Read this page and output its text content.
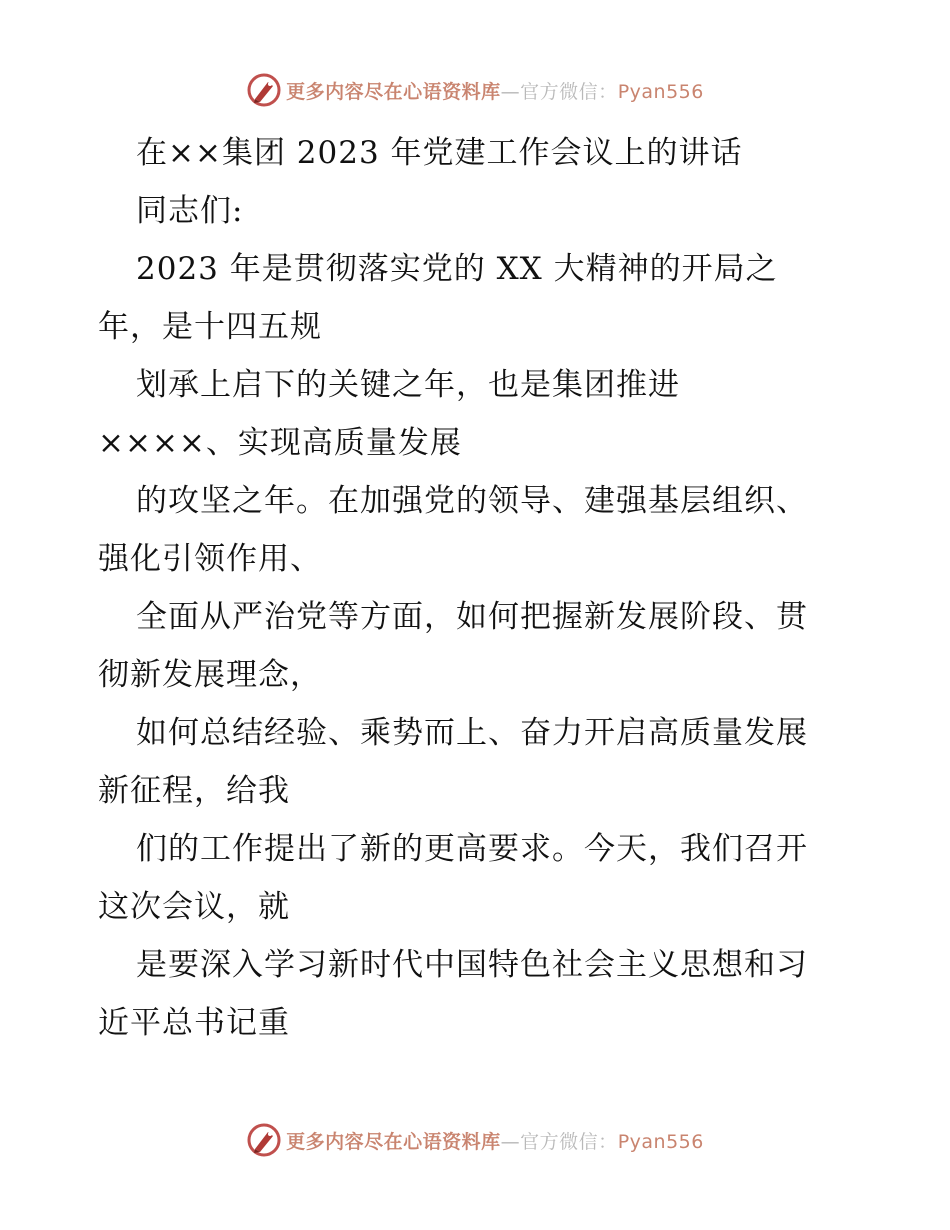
更多内容尽在心语资料库—官方微信：Pyan556
在××集团 2023 年党建工作会议上的讲话
同志们:
2023 年是贯彻落实党的 XX 大精神的开局之
年，是十四五规
划承上启下的关键之年，也是集团推进
××××、实现高质量发展
的攻坚之年。在加强党的领导、建强基层组织、
强化引领作用、
全面从严治党等方面，如何把握新发展阶段、贯
彻新发展理念，
如何总结经验、乘势而上、奋力开启高质量发展
新征程，给我
们的工作提出了新的更高要求。今天，我们召开
这次会议，就
是要深入学习新时代中国特色社会主义思想和习
近平总书记重
更多内容尽在心语资料库—官方微信：Pyan556
